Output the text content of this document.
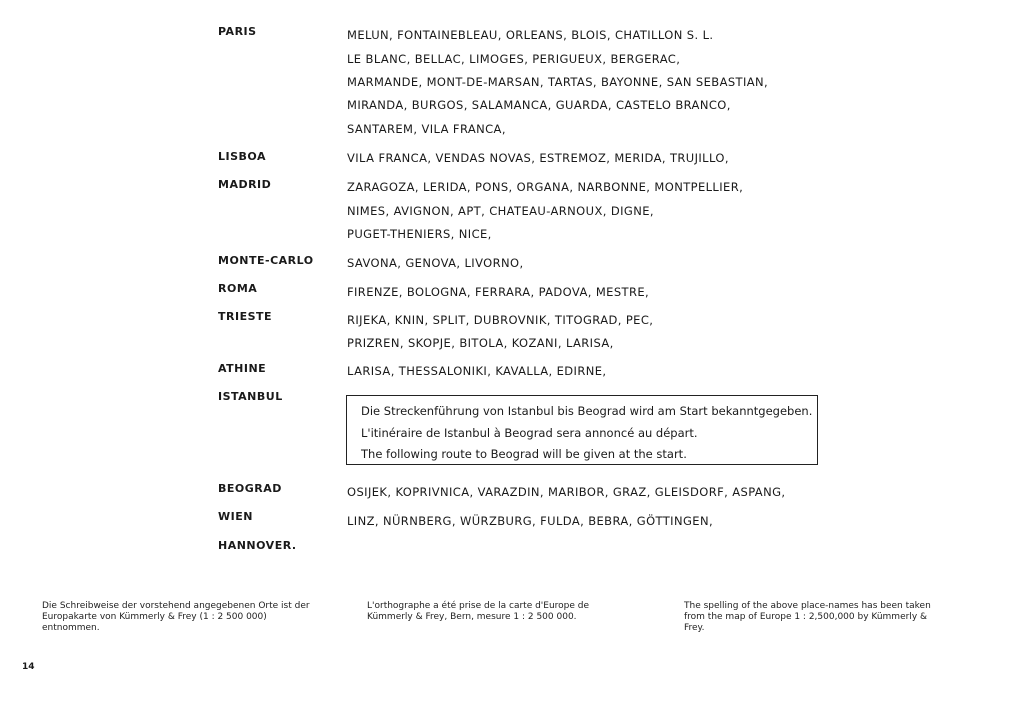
PARIS	MELUN, FONTAINEBLEAU, ORLEANS, BLOIS, CHATILLON S. L.
LE BLANC, BELLAC, LIMOGES, PERIGUEUX, BERGERAC,
MARMANDE, MONT-DE-MARSAN, TARTAS, BAYONNE, SAN SEBASTIAN,
MIRANDA, BURGOS, SALAMANCA, GUARDA, CASTELO BRANCO,
SANTAREM, VILA FRANCA,
LISBOA	VILA FRANCA, VENDAS NOVAS, ESTREMOZ, MERIDA, TRUJILLO,
MADRID	ZARAGOZA, LERIDA, PONS, ORGANA, NARBONNE, MONTPELLIER,
NIMES, AVIGNON, APT, CHATEAU-ARNOUX, DIGNE,
PUGET-THENIERS, NICE,
MONTE-CARLO	SAVONA, GENOVA, LIVORNO,
ROMA	FIRENZE, BOLOGNA, FERRARA, PADOVA, MESTRE,
TRIESTE	RIJEKA, KNIN, SPLIT, DUBROVNIK, TITOGRAD, PEC,
PRIZREN, SKOPJE, BITOLA, KOZANI, LARISA,
ATHINE	LARISA, THESSALONIKI, KAVALLA, EDIRNE,
ISTANBUL
Die Streckenführung von Istanbul bis Beograd wird am Start bekanntgegeben.
L'itinéraire de Istanbul à Beograd sera annoncé au départ.
The following route to Beograd will be given at the start.
BEOGRAD	OSIJEK, KOPRIVNICA, VARAZDIN, MARIBOR, GRAZ, GLEISDORF, ASPANG,
WIEN	LINZ, NÜRNBERG, WÜRZBURG, FULDA, BEBRA, GÖTTINGEN,
HANNOVER.
Die Schreibweise der vorstehend angegebenen Orte ist der Europakarte von Kümmerly & Frey (1 : 2 500 000) entnommen.
L'orthographe a été prise de la carte d'Europe de Kümmerly & Frey, Bern, mesure 1 : 2 500 000.
The spelling of the above place-names has been taken from the map of Europe 1 : 2,500,000 by Kümmerly & Frey.
14
